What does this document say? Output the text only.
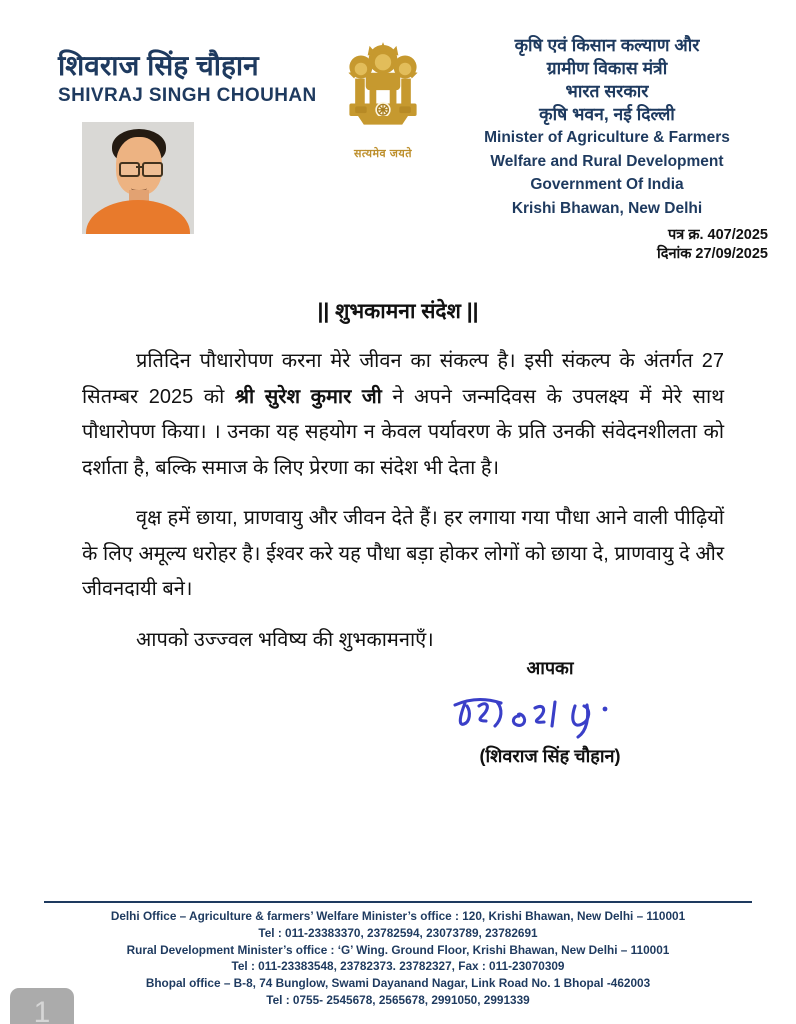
शिवराज सिंह चौहान
SHIVRAJ SINGH CHOUHAN
सत्यमेव जयते
कृषि एवं किसान कल्याण और
ग्रामीण विकास मंत्री
भारत सरकार
कृषि भवन, नई दिल्ली
Minister of Agriculture & Farmers
Welfare and Rural Development
Government Of India
Krishi Bhawan, New Delhi
पत्र क्र. 407/2025
दिनांक 27/09/2025
|| शुभकामना संदेश ||

प्रतिदिन पौधारोपण करना मेरे जीवन का संकल्प है। इसी संकल्प के अंतर्गत 27 सितम्बर 2025 को श्री सुरेश कुमार जी ने अपने जन्मदिवस के उपलक्ष्य में मेरे साथ पौधारोपण किया। । उनका यह सहयोग न केवल पर्यावरण के प्रति उनकी संवेदनशीलता को दर्शाता है, बल्कि समाज के लिए प्रेरणा का संदेश भी देता है।

वृक्ष हमें छाया, प्राणवायु और जीवन देते हैं। हर लगाया गया पौधा आने वाली पीढ़ियों के लिए अमूल्य धरोहर है। ईश्वर करे यह पौधा बड़ा होकर लोगों को छाया दे, प्राणवायु दे और जीवनदायी बने।

आपको उज्ज्वल भविष्य की शुभकामनाएँ।

आपका
(शिवराज सिंह चौहान)
Delhi Office – Agriculture & farmers’ Welfare Minister’s office : 120, Krishi Bhawan, New Delhi – 110001
Tel : 011-23383370, 23782594, 23073789, 23782691
Rural Development Minister’s office : ‘G’ Wing. Ground Floor, Krishi Bhawan, New Delhi – 110001
Tel : 011-23383548, 23782373. 23782327, Fax : 011-23070309
Bhopal office – B-8, 74 Bunglow, Swami Dayanand Nagar, Link Road No. 1 Bhopal -462003
Tel : 0755- 2545678, 2565678, 2991050, 2991339
1
